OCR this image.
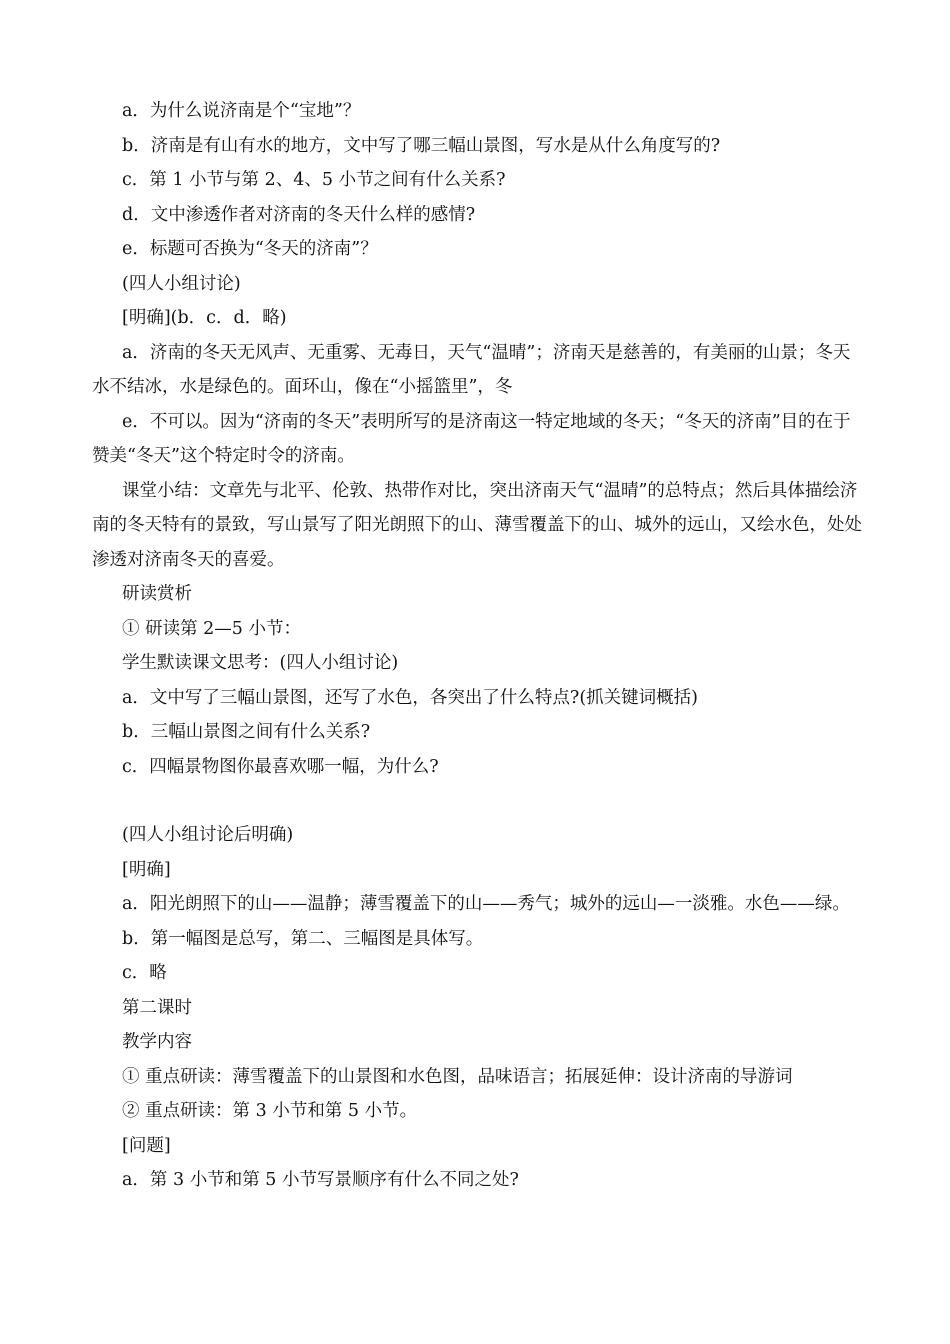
a．为什么说济南是个“宝地”？

b．济南是有山有水的地方，文中写了哪三幅山景图，写水是从什么角度写的?

c．第 1 小节与第 2、4、5 小节之间有什么关系?

d．文中渗透作者对济南的冬天什么样的感情?

e．标题可否换为“冬天的济南”？

(四人小组讨论)

[明确](b．c．d．略)

a．济南的冬天无风声、无重雾、无毒日，天气“温晴”；济南天是慈善的，有美丽的山景；冬天水不结冰，水是绿色的。面环山，像在“小摇篮里”，冬

e．不可以。因为“济南的冬天”表明所写的是济南这一特定地域的冬天；“冬天的济南”目的在于赞美“冬天”这个特定时令的济南。

课堂小结：文章先与北平、伦敦、热带作对比，突出济南天气“温晴”的总特点；然后具体描绘济南的冬天特有的景致，写山景写了阳光朗照下的山、薄雪覆盖下的山、城外的远山，又绘水色，处处渗透对济南冬天的喜爱。

研读赏析

① 研读第 2—5 小节：

学生默读课文思考：(四人小组讨论)

a．文中写了三幅山景图，还写了水色，各突出了什么特点?(抓关键词概括)

b．三幅山景图之间有什么关系?

c．四幅景物图你最喜欢哪一幅，为什么?

(四人小组讨论后明确)

[明确]

a．阳光朗照下的山——温静；薄雪覆盖下的山——秀气；城外的远山—一淡雅。水色——绿。

b．第一幅图是总写，第二、三幅图是具体写。

c．略

第二课时

教学内容

① 重点研读：薄雪覆盖下的山景图和水色图，品味语言；拓展延伸：设计济南的导游词

② 重点研读：第 3 小节和第 5 小节。

[问题]

a．第 3 小节和第 5 小节写景顺序有什么不同之处?
